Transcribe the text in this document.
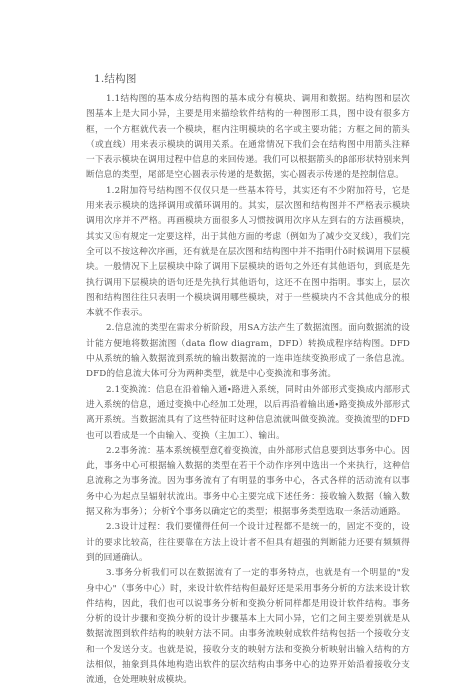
1.结构图

1.1结构图的基本成分结构图的基本成分有模块、调用和数据。结构图和层次图基本上是大同小异，主要是用来描绘软件结构的一种图形工具，图中设有很多方框，一个方框就代表一个模块，框内注明模块的名字或主要功能；方框之间的箭头（或直线）用来表示模块的调用关系。在通常情况下我们会在结构图中用箭头注释一下表示模块在调用过程中信息的来回传递。我们可以根据箭头的β部形状特别来判断信息的类型，尾部是空心圆表示传递的是数据，实心圆表示传递的是控制信息。

1.2附加符号结构图不仅仅只是一些基本符号，其实还有不少附加符号，它是用来表示模块的选择调用或循环调用的。其实，层次图和结构图并不严格表示模块调用次序并不严格。再画模块方面很多人习惯按调用次序从左到右的方法画模块，其实又ⓗ有规定一定要这样，出于其他方面的考虑（例如为了减少交叉线），我们完全可以不按这种次序画，还有就是在层次图和结构图中并不指明什ǒ时候调用下层模块。一般情况下上层模块中除了调用下层模块的语句之外还有其他语句，到底是先执行调用下层模块的语句还是先执行其他语句，这还不在图中指明。事实上，层次图和结构图往往只表明一个模块调用哪些模块，对于一些模块内不含其他成分的根本就不作表示。

2.信息流的类型在需求分析阶段，用SA方法产生了数据流图。面向数据流的设计能方便地将数据流图（data flow diagram，DFD）转换成程序结构图。DFD中从系统的输入数据流到系统的输出数据流的一连串连续变换形成了一条信息流。DFD的信息流大体可分为两种类型，就是中心变换流和事务流。

2.1变换流：信息在沿着输入通∙路进入系统，同时由外部形式变换成内部形式进入系统的信息，通过变换中心经加工处理，以后再沿着输出通∙路变换成外部形式离开系统。当数据流具有了这些特征时这种信息流就叫做变换流。变换流型的DFD也可以看成是一个由输入、变换（主加工）、输出。

2.2事务流：基本系统模型意ζ着变换流，由外部形式信息要到达事务中心。因此，事务中心可根据输入数据的类型在若干个动作序列中选出一个来执行，这种信息流称之为事务流。因为事务流有了有明显的事务中心，各式各样的活动流有以事务中心为起点呈辐射状流出。事务中心主要完成下述任务：接收输入数据（输入数据又称为事务）；分析Ŷ个事务以确定它的类型；根据事务类型选取一条活动通路。

2.3设计过程：我们要懂得任何一个设计过程都不是统一的，固定不变的，设计的要求比较高，往往要靠在方法上设计者不但具有超强的判断能力还要有频频得到的回通确认。

3.事务分析我们可以在数据流有了一定的事务特点，也就是有一个明显的"发身中心"（事务中心）时，来设计软件结构但最好还是采用事务分析的方法来设计软件结构，因此，我们也可以说事务分析和变换分析同样都是用设计软件结构。事务分析的设计步骤和变换分析的设计步骤基本上大同小异，它们之间主要差别就是从数据流图到软件结构的映射方法不同。由事务流映射成软件结构包括一个接收分支和一个发送分支。也就是说，接收分支的映射方法和变换分析映射出输入结构的方法相似，抽象到具体地构造出软件的层次结构由事务中心的边界开始沿着接收分支流通，仓处理映射成模块。
